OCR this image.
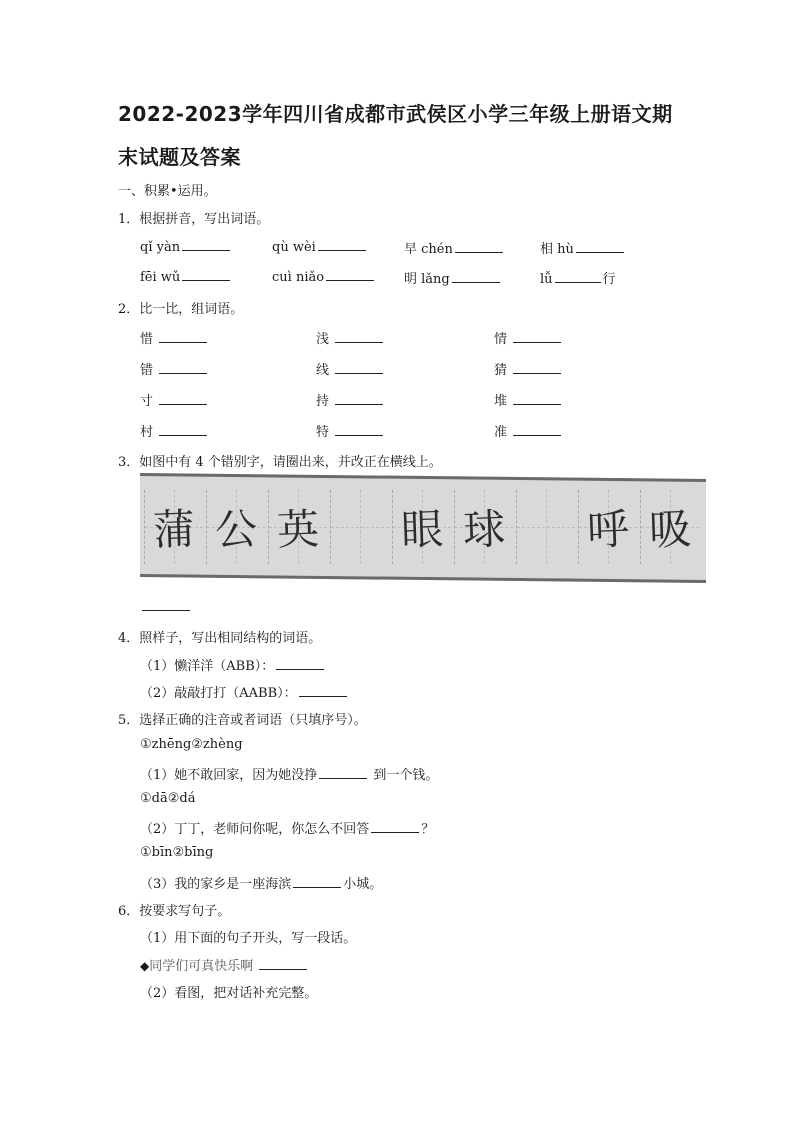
2022-2023学年四川省成都市武侯区小学三年级上册语文期
末试题及答案
一、积累•运用。
1．根据拼音，写出词语。
qǐ yàn	qù wèi	早 chén	相 hù
fēi wǔ	cuì niǎo	明 lǎng	lǚ	行
2．比一比，组词语。
惜	浅	情
错	线	猜
寸	持	堆
村	特	准
3．如图中有 4 个错别字，请圈出来，并改正在横线上。
蒲 公 英 眼 球 呼 吸
4．照样子，写出相同结构的词语。
（1）懒洋洋（ABB）：
（2）敲敲打打（AABB）：
5．选择正确的注音或者词语（只填序号）。
①zhēng②zhèng
（1）她不敢回家，因为她没挣	到一个钱。
①dā②dá
（2）丁丁，老师问你呢，你怎么不回答	？
①bīn②bīng
（3）我的家乡是一座海滨	小城。
6．按要求写句子。
（1）用下面的句子开头，写一段话。
◆同学们可真快乐啊
（2）看图，把对话补充完整。
